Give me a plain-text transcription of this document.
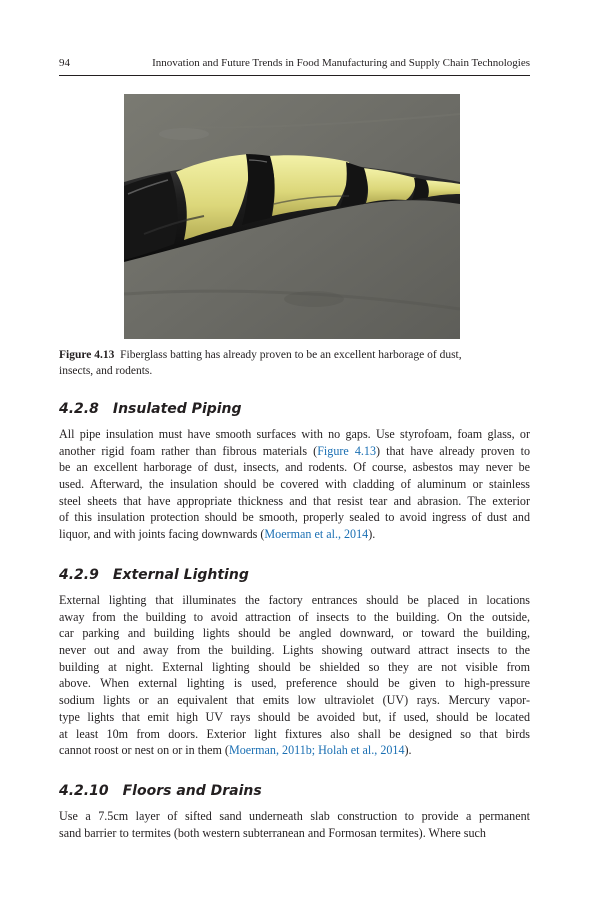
94	Innovation and Future Trends in Food Manufacturing and Supply Chain Technologies
Figure 4.13 Fiberglass batting has already proven to be an excellent harborage of dust,
insects, and rodents.
4.2.8 Insulated Piping
All pipe insulation must have smooth surfaces with no gaps. Use styrofoam, foam glass, or
another rigid foam rather than fibrous materials (Figure 4.13) that have already proven to
be an excellent harborage of dust, insects, and rodents. Of course, asbestos may never be
used. Afterward, the insulation should be covered with cladding of aluminum or stainless
steel sheets that have appropriate thickness and that resist tear and abrasion. The exterior
of this insulation protection should be smooth, properly sealed to avoid ingress of dust and
liquor, and with joints facing downwards (Moerman et al., 2014).
4.2.9 External Lighting
External lighting that illuminates the factory entrances should be placed in locations
away from the building to avoid attraction of insects to the building. On the outside,
car parking and building lights should be angled downward, or toward the building,
never out and away from the building. Lights showing outward attract insects to the
building at night. External lighting should be shielded so they are not visible from
above. When external lighting is used, preference should be given to high-pressure
sodium lights or an equivalent that emits low ultraviolet (UV) rays. Mercury vapor-
type lights that emit high UV rays should be avoided but, if used, should be located
at least 10m from doors. Exterior light fixtures also shall be designed so that birds
cannot roost or nest on or in them (Moerman, 2011b; Holah et al., 2014).
4.2.10 Floors and Drains
Use a 7.5cm layer of sifted sand underneath slab construction to provide a permanent
sand barrier to termites (both western subterranean and Formosan termites). Where such
